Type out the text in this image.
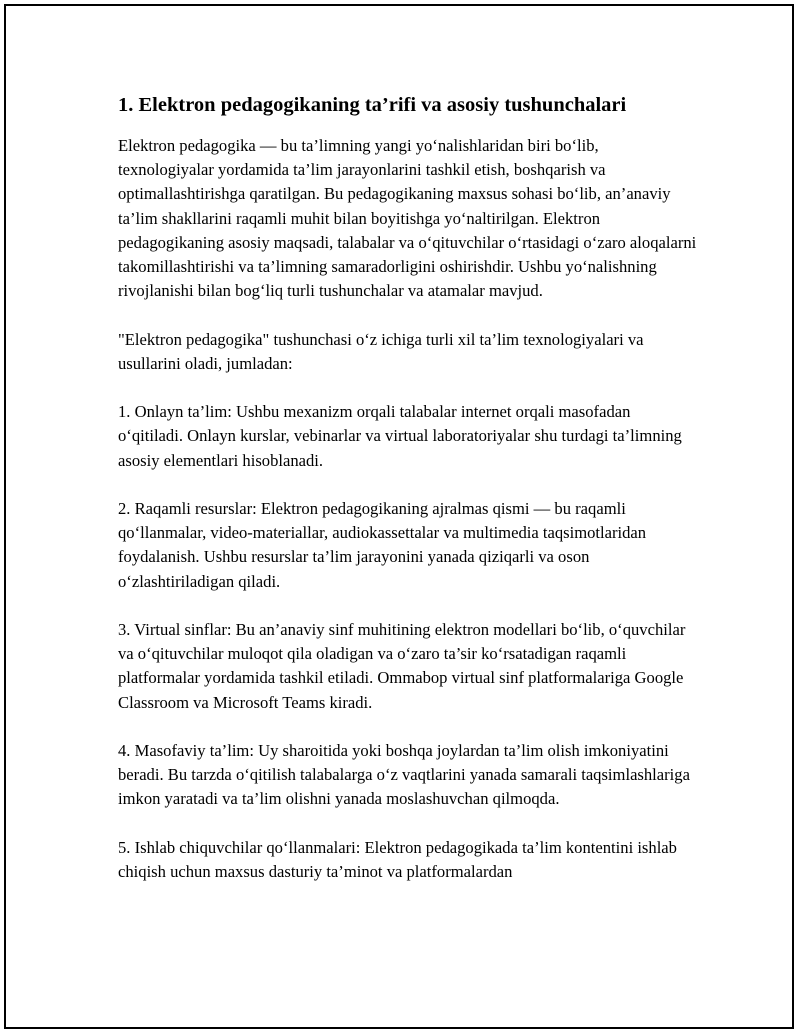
1. Elektron pedagogikaning ta’rifi va asosiy tushunchalari

Elektron pedagogika — bu ta’limning yangi yo‘nalishlaridan biri bo‘lib, texnologiyalar yordamida ta’lim jarayonlarini tashkil etish, boshqarish va optimallashtirishga qaratilgan. Bu pedagogikaning maxsus sohasi bo‘lib, an’anaviy ta’lim shakllarini raqamli muhit bilan boyitishga yo‘naltirilgan. Elektron pedagogikaning asosiy maqsadi, talabalar va o‘qituvchilar o‘rtasidagi o‘zaro aloqalarni takomillashtirishi va ta’limning samaradorligini oshirishdir. Ushbu yo‘nalishning rivojlanishi bilan bog‘liq turli tushunchalar va atamalar mavjud.

"Elektron pedagogika" tushunchasi o‘z ichiga turli xil ta’lim texnologiyalari va usullarini oladi, jumladan:

1. Onlayn ta’lim: Ushbu mexanizm orqali talabalar internet orqali masofadan o‘qitiladi. Onlayn kurslar, vebinarlar va virtual laboratoriyalar shu turdagi ta’limning asosiy elementlari hisoblanadi.

2. Raqamli resurslar: Elektron pedagogikaning ajralmas qismi — bu raqamli qo‘llanmalar, video-materiallar, audiokassettalar va multimedia taqsimotlaridan foydalanish. Ushbu resurslar ta’lim jarayonini yanada qiziqarli va oson o‘zlashtiriladigan qiladi.

3. Virtual sinflar: Bu an’anaviy sinf muhitining elektron modellari bo‘lib, o‘quvchilar va o‘qituvchilar muloqot qila oladigan va o‘zaro ta’sir ko‘rsatadigan raqamli platformalar yordamida tashkil etiladi. Ommabop virtual sinf platformalariga Google Classroom va Microsoft Teams kiradi.

4. Masofaviy ta’lim: Uy sharoitida yoki boshqa joylardan ta’lim olish imkoniyatini beradi. Bu tarzda o‘qitilish talabalarga o‘z vaqtlarini yanada samarali taqsimlashlariga imkon yaratadi va ta’lim olishni yanada moslashuvchan qilmoqda.

5. Ishlab chiquvchilar qo‘llanmalari: Elektron pedagogikada ta’lim kontentini ishlab chiqish uchun maxsus dasturiy ta’minot va platformalardan
